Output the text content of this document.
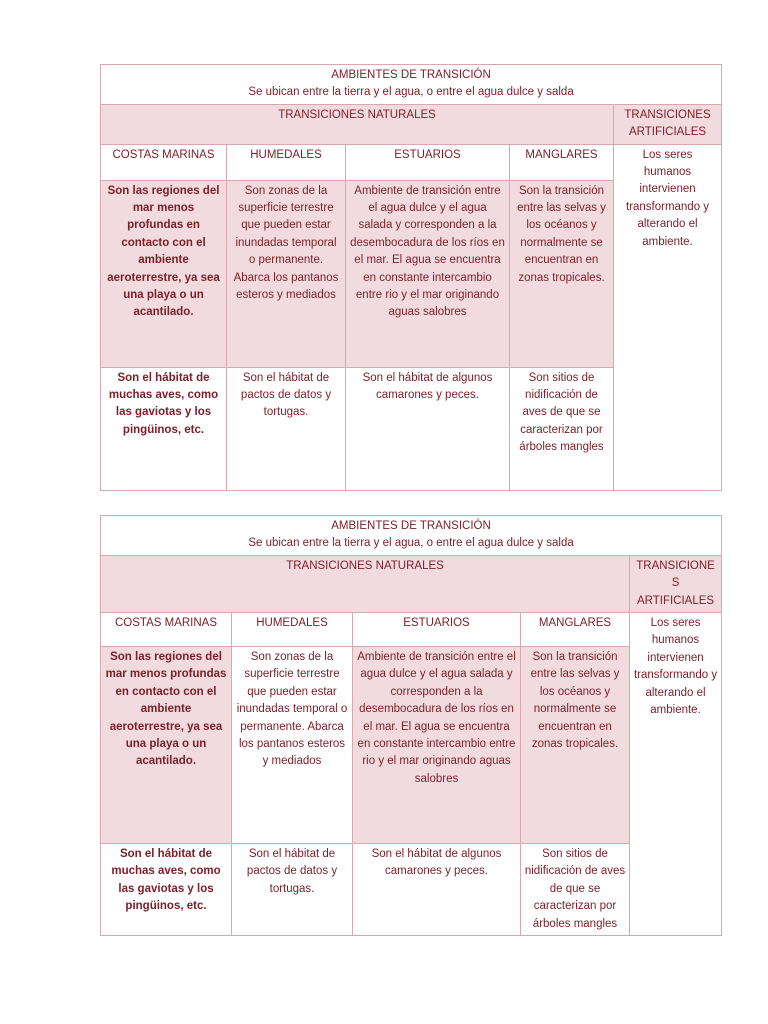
AMBIENTES DE TRANSICIÓN
Se ubican entre la tierra y el agua, o entre el agua dulce y salda				

TRANSICIONES NATURALES				TRANSICIONES ARTIFICIALES
COSTAS MARINAS	HUMEDALES	ESTUARIOS	MANGLARES	Los seres humanos intervienen transformando y alterando el ambiente.
Son las regiones del mar menos profundas en contacto con el ambiente aeroterrestre, ya sea una playa o un acantilado.	Son zonas de la superficie terrestre que pueden estar inundadas temporal o permanente. Abarca los pantanos esteros y mediados	Ambiente de transición entre el agua dulce y el agua salada y corresponden a la desembocadura de los ríos en el mar. El agua se encuentra en constante intercambio entre rio y el mar originando aguas salobres	Son la transición entre las selvas y los océanos y normalmente se encuentran en zonas tropicales.	
Son el hábitat de muchas aves, como las gaviotas y los pingüinos, etc.	Son el hábitat de pactos de datos y tortugas.	Son el hábitat de algunos camarones y peces.	Son sitios de nidificación de aves de que se caracterizan por árboles mangles	
AMBIENTES DE TRANSICIÓN
Se ubican entre la tierra y el agua, o entre el agua dulce y salda				

TRANSICIONES NATURALES				TRANSICIONES ARTIFICIALES
COSTAS MARINAS	HUMEDALES	ESTUARIOS	MANGLARES	Los seres humanos intervienen transformando y alterando el ambiente.
Son las regiones del mar menos profundas en contacto con el ambiente aeroterrestre, ya sea una playa o un acantilado.	Son zonas de la superficie terrestre que pueden estar inundadas temporal o permanente. Abarca los pantanos esteros y mediados	Ambiente de transición entre el agua dulce y el agua salada y corresponden a la desembocadura de los ríos en el mar. El agua se encuentra en constante intercambio entre rio y el mar originando aguas salobres	Son la transición entre las selvas y los océanos y normalmente se encuentran en zonas tropicales.	
Son el hábitat de muchas aves, como las gaviotas y los pingüinos, etc.	Son el hábitat de pactos de datos y tortugas.	Son el hábitat de algunos camarones y peces.	Son sitios de nidificación de aves de que se caracterizan por árboles mangles	
